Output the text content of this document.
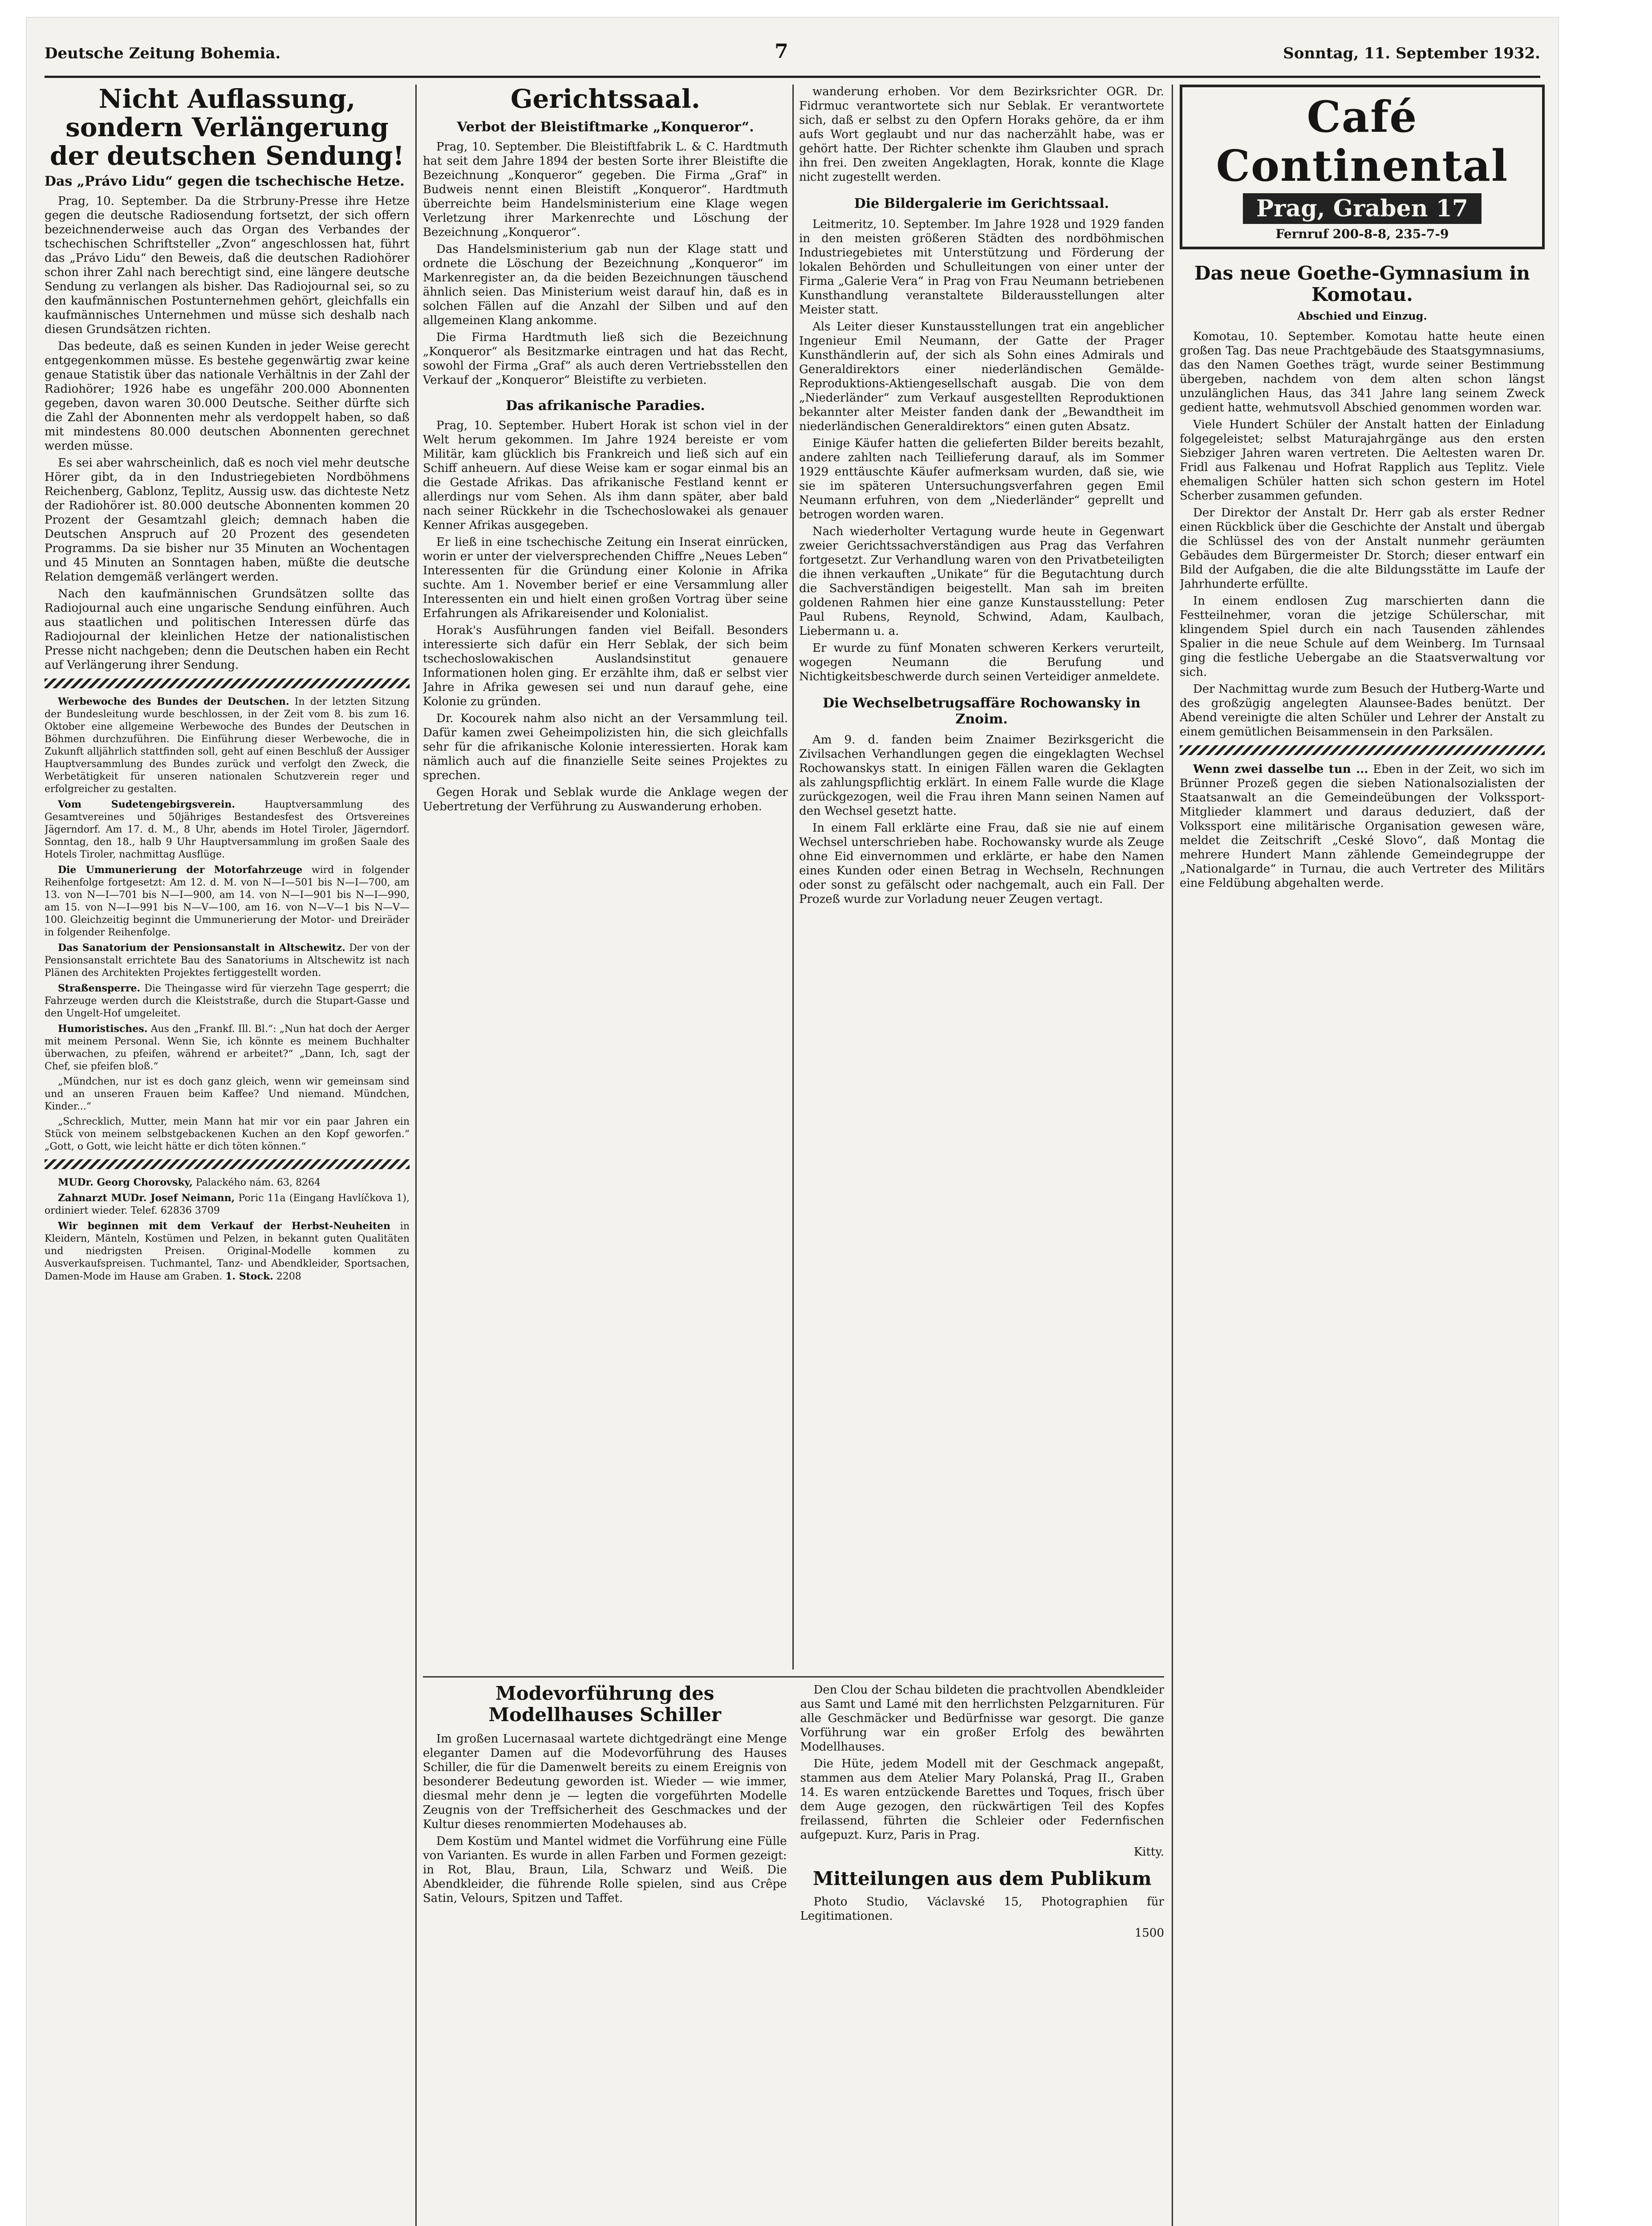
Deutsche Zeitung Bohemia.	7	Sonntag, 11. September 1932.
Nicht Auflassung, sondern Verlängerung der deutschen Sendung!
Das „Právo Lidu“ gegen die tschechische Hetze.

Prag, 10. September. Da die Strbruny-Presse ihre Hetze gegen die deutsche Radiosendung fortsetzt, der sich offern bezeichnenderweise auch das Organ des Verbandes der tschechischen Schriftsteller „Zvon“ angeschlossen hat, führt das „Právo Lidu“ den Beweis, daß die deutschen Radiohörer schon ihrer Zahl nach berechtigt sind, eine längere deutsche Sendung zu verlangen als bisher. Das Radiojournal sei, so zu den kaufmännischen Postunternehmen gehört, gleichfalls ein kaufmännisches Unternehmen und müsse sich deshalb nach diesen Grundsätzen richten.

Das bedeute, daß es seinen Kunden in jeder Weise gerecht entgegenkommen müsse. Es bestehe gegenwärtig zwar keine genaue Statistik über das nationale Verhältnis in der Zahl der Radiohörer; 1926 habe es ungefähr 200.000 Abonnenten gegeben, davon waren 30.000 Deutsche. Seither dürfte sich die Zahl der Abonnenten mehr als verdoppelt haben, so daß mit mindestens 80.000 deutschen Abonnenten gerechnet werden müsse.

Es sei aber wahrscheinlich, daß es noch viel mehr deutsche Hörer gibt, da in den Industriegebieten Nordböhmens Reichenberg, Gablonz, Teplitz, Aussig usw. das dichteste Netz der Radiohörer ist. 80.000 deutsche Abonnenten kommen 20 Prozent der Gesamtzahl gleich; demnach haben die Deutschen Anspruch auf 20 Prozent des gesendeten Programms. Da sie bisher nur 35 Minuten an Wochentagen und 45 Minuten an Sonntagen haben, müßte die deutsche Relation demgemäß verlängert werden.

Nach den kaufmännischen Grundsätzen sollte das Radiojournal auch eine ungarische Sendung einführen. Auch aus staatlichen und politischen Interessen dürfe das Radiojournal der kleinlichen Hetze der nationalistischen Presse nicht nachgeben; denn die Deutschen haben ein Recht auf Verlängerung ihrer Sendung.

Werbewoche des Bundes der Deutschen. In der letzten Sitzung der Bundesleitung wurde beschlossen, in der Zeit vom 8. bis zum 16. Oktober eine allgemeine Werbewoche des Bundes der Deutschen in Böhmen durchzuführen. Die Einführung dieser Werbewoche, die in Zukunft alljährlich stattfinden soll, geht auf einen Beschluß der Aussiger Hauptversammlung des Bundes zurück und verfolgt den Zweck, die Werbetätigkeit für unseren nationalen Schutzverein reger und erfolgreicher zu gestalten.

Vom Sudetengebirgsverein.	Hauptversammlung des Gesamtvereines und 50jähriges Bestandesfest des Ortsvereines Jägerndorf. Am 17. d. M., 8 Uhr, abends im Hotel Tiroler, Jägerndorf. Sonntag, den 18., halb 9 Uhr Hauptversammlung im großen Saale des Hotels Tiroler, nachmittag Ausflüge.

Die Ummunerierung der Motorfahrzeuge wird in folgender Reihenfolge fortgesetzt: Am 12. d. M. von N—I—501 bis N—I—700, am 13. von N—I—701 bis N—I—900, am 14. von N—I—901 bis N—I—990, am 15. von N—I—991 bis N—V—100, am 16. von N—V—1 bis N—V—100. Gleichzeitig beginnt die Ummunerierung der Motor- und Dreiräder in folgender Reihenfolge.

Das Sanatorium der Pensionsanstalt in Altschewitz. Der von der Pensionsanstalt errichtete Bau des Sanatoriums in Altschewitz ist nach Plänen des Architekten Projektes fertiggestellt worden.

Straßensperre. Die Theingasse wird für vierzehn Tage gesperrt; die Fahrzeuge werden durch die Kleiststraße, durch die Stupart-Gasse und den Ungelt-Hof umgeleitet.

Humoristisches. Aus den „Frankf. Ill. Bl.“: „Nun hat doch der Aerger mit meinem Personal. Wenn Sie, ich könnte es meinem Buchhalter überwachen, zu pfeifen, während er arbeitet?“ „Dann, Ich, sagt der Chef, sie pfeifen bloß.“

„Mündchen, nur ist es doch ganz gleich, wenn wir gemeinsam sind und an unseren Frauen beim Kaffee? Und niemand. Mündchen, Kinder...“

„Schrecklich, Mutter, mein Mann hat mir vor ein paar Jahren ein Stück von meinem selbstgebackenen Kuchen an den Kopf geworfen.“ „Gott, o Gott, wie leicht hätte er dich töten können.“

MUDr. Georg Chorovsky, Palackého nám. 63, 8264

Zahnarzt MUDr. Josef Neimann, Poric 11a (Eingang Havlíčkova 1), ordiniert wieder. Telef. 62836 3709

Wir beginnen mit dem Verkauf der Herbst-Neuheiten in Kleidern, Mänteln, Kostümen und Pelzen, in bekannt guten Qualitäten und niedrigsten Preisen. Original-Modelle kommen zu Ausverkaufspreisen. Tuchmantel, Tanz- und Abendkleider, Sportsachen, Damen-Mode im Hause am Graben. 1. Stock. 2208

Gerichtssaal.
Verbot der Bleistiftmarke „Konqueror“.

Prag, 10. September. Die Bleistiftfabrik L. & C. Hardtmuth hat seit dem Jahre 1894 der besten Sorte ihrer Bleistifte die Bezeichnung „Konqueror“ gegeben. Die Firma „Graf“ in Budweis nennt einen Bleistift „Konqueror“. Hardtmuth überreichte beim Handelsministerium eine Klage wegen Verletzung ihrer Markenrechte und Löschung der Bezeichnung „Konqueror“.

Das Handelsministerium gab nun der Klage statt und ordnete die Löschung der Bezeichnung „Konqueror“ im Markenregister an, da die beiden Bezeichnungen täuschend ähnlich seien. Das Ministerium weist darauf hin, daß es in solchen Fällen auf die Anzahl der Silben und auf den allgemeinen Klang ankomme.

Die Firma Hardtmuth ließ sich die Bezeichnung „Konqueror“ als Besitzmarke eintragen und hat das Recht, sowohl der Firma „Graf“ als auch deren Vertriebsstellen den Verkauf der „Konqueror“ Bleistifte zu verbieten.

Das afrikanische Paradies.

Prag, 10. September. Hubert Horak ist schon viel in der Welt herum gekommen. Im Jahre 1924 bereiste er vom Militär, kam glücklich bis Frankreich und ließ sich auf ein Schiff anheuern. Auf diese Weise kam er sogar einmal bis an die Gestade Afrikas. Das afrikanische Festland kennt er allerdings nur vom Sehen. Als ihm dann später, aber bald nach seiner Rückkehr in die Tschechoslowakei als genauer Kenner Afrikas ausgegeben.

Er ließ in eine tschechische Zeitung ein Inserat einrücken, worin er unter der vielversprechenden Chiffre „Neues Leben“ Interessenten für die Gründung einer Kolonie in Afrika suchte. Am 1. November berief er eine Versammlung aller Interessenten ein und hielt einen großen Vortrag über seine Erfahrungen als Afrikareisender und Kolonialist.

Horak's Ausführungen fanden viel Beifall. Besonders interessierte sich dafür ein Herr Seblak, der sich beim tschechoslowakischen Auslandsinstitut genauere Informationen holen ging. Er erzählte ihm, daß er selbst vier Jahre in Afrika gewesen sei und nun darauf gehe, eine Kolonie zu gründen.

Dr. Kocourek nahm also nicht an der Versammlung teil. Dafür kamen zwei Geheimpolizisten hin, die sich gleichfalls sehr für die afrikanische Kolonie interessierten. Horak kam nämlich auch auf die finanzielle Seite seines Projektes zu sprechen.

Gegen Horak und Seblak wurde die Anklage wegen der Uebertretung der Verführung zu Auswanderung erhoben.

wanderung erhoben. Vor dem Bezirksrichter OGR. Dr. Fidrmuc verantwortete sich nur Seblak. Er verantwortete sich, daß er selbst zu den Opfern Horaks gehöre, da er ihm aufs Wort geglaubt und nur das nacherzählt habe, was er gehört hatte. Der Richter schenkte ihm Glauben und sprach ihn frei. Den zweiten Angeklagten, Horak, konnte die Klage nicht zugestellt werden.

Die Bildergalerie im Gerichtssaal.

Leitmeritz, 10. September. Im Jahre 1928 und 1929 fanden in den meisten größeren Städten des nordböhmischen Industriegebietes mit Unterstützung und Förderung der lokalen Behörden und Schulleitungen von einer unter der Firma „Galerie Vera“ in Prag von Frau Neumann betriebenen Kunsthandlung veranstaltete Bilderausstellungen alter Meister statt.

Als Leiter dieser Kunstausstellungen trat ein angeblicher Ingenieur Emil Neumann, der Gatte der Prager Kunsthändlerin auf, der sich als Sohn eines Admirals und Generaldirektors einer niederländischen Gemälde-Reproduktions-Aktiengesellschaft ausgab. Die von dem „Niederländer“ zum Verkauf ausgestellten Reproduktionen bekannter alter Meister fanden dank der „Bewandtheit im niederländischen Generaldirektors“ einen guten Absatz.

Einige Käufer hatten die gelieferten Bilder bereits bezahlt, andere zahlten nach Teillieferung darauf, als im Sommer 1929 enttäuschte Käufer aufmerksam wurden, daß sie, wie sie im späteren Untersuchungsverfahren gegen Emil Neumann erfuhren, von dem „Niederländer“ geprellt und betrogen worden waren.

Nach wiederholter Vertagung wurde heute in Gegenwart zweier Gerichtssachverständigen aus Prag das Verfahren fortgesetzt. Zur Verhandlung waren von den Privatbeteiligten die ihnen verkauften „Unikate“ für die Begutachtung durch die Sachverständigen beigestellt. Man sah im breiten goldenen Rahmen hier eine ganze Kunstausstellung: Peter Paul Rubens, Reynold, Schwind, Adam, Kaulbach, Liebermann u. a.

Er wurde zu fünf Monaten schweren Kerkers verurteilt, wogegen Neumann die Berufung und Nichtigkeitsbeschwerde durch seinen Verteidiger anmeldete.

Die Wechselbetrugsaffäre Rochowansky in Znoim.

Am 9. d. fanden beim Znaimer Bezirksgericht die Zivilsachen Verhandlungen gegen die eingeklagten Wechsel Rochowanskys statt. In einigen Fällen waren die Geklagten als zahlungspflichtig erklärt. In einem Falle wurde die Klage zurückgezogen, weil die Frau ihren Mann seinen Namen auf den Wechsel gesetzt hatte.

In einem Fall erklärte eine Frau, daß sie nie auf einem Wechsel unterschrieben habe. Rochowansky wurde als Zeuge ohne Eid einvernommen und erklärte, er habe den Namen eines Kunden oder einen Betrag in Wechseln, Rechnungen oder sonst zu gefälscht oder nachgemalt, auch ein Fall. Der Prozeß wurde zur Vorladung neuer Zeugen vertagt.

Café Continental
Prag, Graben 17
Fernruf 200-8-8, 235-7-9
Das neue Goethe-Gymnasium in Komotau.
Abschied und Einzug.

Komotau, 10. September. Komotau hatte heute einen großen Tag. Das neue Prachtgebäude des Staatsgymnasiums, das den Namen Goethes trägt, wurde seiner Bestimmung übergeben, nachdem von dem alten schon längst unzulänglichen Haus, das 341 Jahre lang seinem Zweck gedient hatte, wehmutsvoll Abschied genommen worden war.

Viele Hundert Schüler der Anstalt hatten der Einladung folgegeleistet; selbst Maturajahrgänge aus den ersten Siebziger Jahren waren vertreten. Die Aeltesten waren Dr. Fridl aus Falkenau und Hofrat Rapplich aus Teplitz. Viele ehemaligen Schüler hatten sich schon gestern im Hotel Scherber zusammen gefunden.

Der Direktor der Anstalt Dr. Herr gab als erster Redner einen Rückblick über die Geschichte der Anstalt und übergab die Schlüssel des von der Anstalt nunmehr geräumten Gebäudes dem Bürgermeister Dr. Storch; dieser entwarf ein Bild der Aufgaben, die die alte Bildungsstätte im Laufe der Jahrhunderte erfüllte.

In einem endlosen Zug marschierten dann die Festteilnehmer, voran die jetzige Schülerschar, mit klingendem Spiel durch ein nach Tausenden zählendes Spalier in die neue Schule auf dem Weinberg. Im Turnsaal ging die festliche Uebergabe an die Staatsverwaltung vor sich.

Der Nachmittag wurde zum Besuch der Hutberg-Warte und des großzügig angelegten Alaunsee-Bades benützt. Der Abend vereinigte die alten Schüler und Lehrer der Anstalt zu einem gemütlichen Beisammensein in den Parksälen.

Wenn zwei dasselbe tun ... Eben in der Zeit, wo sich im Brünner Prozeß gegen die sieben Nationalsozialisten der Staatsanwalt an die Gemeindeübungen der Volkssport-Mitglieder klammert und daraus deduziert, daß der Volkssport eine militärische Organisation gewesen wäre, meldet die Zeitschrift „Ceské Slovo“, daß Montag die mehrere Hundert Mann zählende Gemeindegruppe der „Nationalgarde“ in Turnau, die auch Vertreter des Militärs eine Feldübung abgehalten werde.

Modevorführung des Modellhauses Schiller

Im großen Lucernasaal wartete dichtgedrängt eine Menge eleganter Damen auf die Modevorführung des Hauses Schiller, die für die Damenwelt bereits zu einem Ereignis von besonderer Bedeutung geworden ist. Wieder — wie immer, diesmal mehr denn je — legten die vorgeführten Modelle Zeugnis von der Treffsicherheit des Geschmackes und der Kultur dieses renommierten Modehauses ab.

Dem Kostüm und Mantel widmet die Vorführung eine Fülle von Varianten. Es wurde in allen Farben und Formen gezeigt: in Rot, Blau, Braun, Lila, Schwarz und Weiß. Die Abendkleider, die führende Rolle spielen, sind aus Crêpe Satin, Velours, Spitzen und Taffet.

Den Clou der Schau bildeten die prachtvollen Abendkleider aus Samt und Lamé mit den herrlichsten Pelzgarnituren. Für alle Geschmäcker und Bedürfnisse war gesorgt. Die ganze Vorführung war ein großer Erfolg des bewährten Modellhauses.

Die Hüte, jedem Modell mit der Geschmack angepaßt, stammen aus dem Atelier Mary Polanská, Prag II., Graben 14. Es waren entzückende Barettes und Toques, frisch über dem Auge gezogen, den rückwärtigen Teil des Kopfes freilassend, führten die Schleier oder Federnfischen aufgepuzt. Kurz, Paris in Prag.

Kitty.

Mitteilungen aus dem Publikum

Photo Studio, Václavské 15, Photographien für Legitimationen.

1500
